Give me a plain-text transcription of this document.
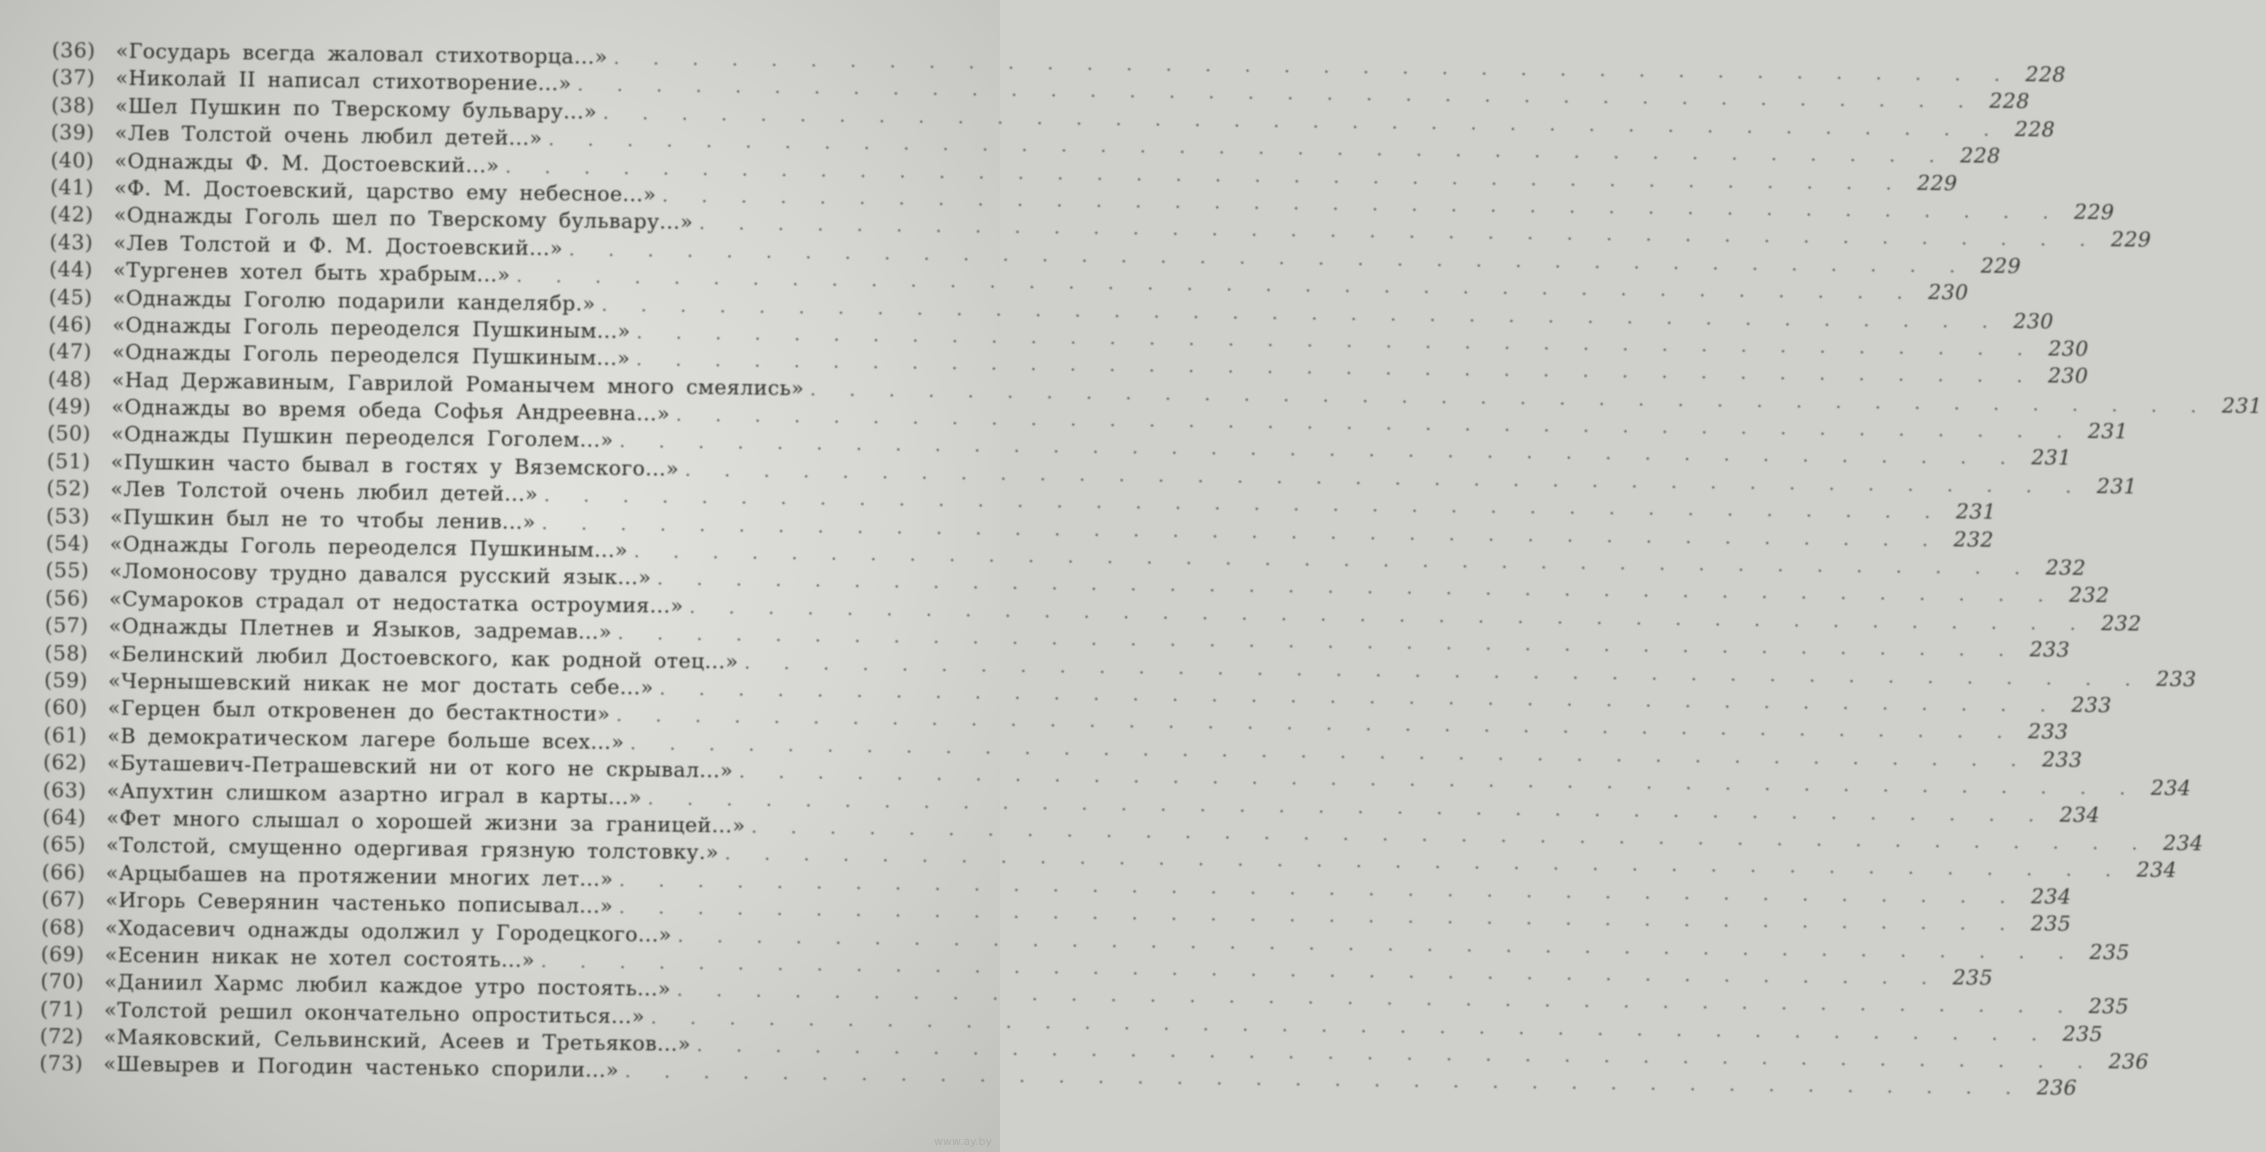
(36) «Государь всегда жаловал стихотворца...»
. . .
228
(37) «Николай II написал стихотворение...»
. . .
228
(38) «Шел Пушкин по Тверскому бульвару...»
. . .
228
(39) «Лев Толстой очень любил детей...»
. . .
228
(40) «Однажды Ф. М. Достоевский...»
. . .
229
(41) «Ф. М. Достоевский, царство ему небесное...»
. . .
229
(42) «Однажды Гоголь шел по Тверскому бульвару...»
. . .
229
(43) «Лев Толстой и Ф. М. Достоевский...»
. . .
229
(44) «Тургенев хотел быть храбрым...»
. . .
230
(45) «Однажды Гоголю подарили канделябр.»
. . .
230
(46) «Однажды Гоголь переоделся Пушкиным...»
. . .
230
(47) «Однажды Гоголь переоделся Пушкиным...»
. . .
230
(48) «Над Державиным, Гаврилой Романычем много смеялись»
. . .
231
(49) «Однажды во время обеда Софья Андреевна...»
. . .
231
(50) «Однажды Пушкин переоделся Гоголем...»
. . .
231
(51) «Пушкин часто бывал в гостях у Вяземского...»
. . .
231
(52) «Лев Толстой очень любил детей...»
. . .
231
(53) «Пушкин был не то чтобы ленив...»
. . .
232
(54) «Однажды Гоголь переоделся Пушкиным...»
. . .
232
(55) «Ломоносову трудно давался русский язык...»
. . .
232
(56) «Сумароков страдал от недостатка остроумия...»
. . .
232
(57) «Однажды Плетнев и Языков, задремав...»
. . .
233
(58) «Белинский любил Достоевского, как родной отец...»
. . .
233
(59) «Чернышевский никак не мог достать себе...»
. . .
233
(60) «Герцен был откровенен до бестактности»
. . .
233
(61) «В демократическом лагере больше всех...»
. . .
233
(62) «Буташевич-Петрашевский ни от кого не скрывал...»
. . .
234
(63) «Апухтин слишком азартно играл в карты...»
. . .
234
(64) «Фет много слышал о хорошей жизни за границей...»
. . .
234
(65) «Толстой, смущенно одергивая грязную толстовку.»
. . .
234
(66) «Арцыбашев на протяжении многих лет...»
. . .
234
(67) «Игорь Северянин частенько пописывал...»
. . .
235
(68) «Ходасевич однажды одолжил у Городецкого...»
. . .
235
(69) «Есенин никак не хотел состоять...»
. . .
235
(70) «Даниил Хармс любил каждое утро постоять...»
. . .
235
(71) «Толстой решил окончательно опроститься...»
. . .
235
(72) «Маяковский, Сельвинский, Асеев и Третьяков...»
. . .
236
(73) «Шевырев и Погодин частенько спорили...»
. . .
236
www.ay.by
